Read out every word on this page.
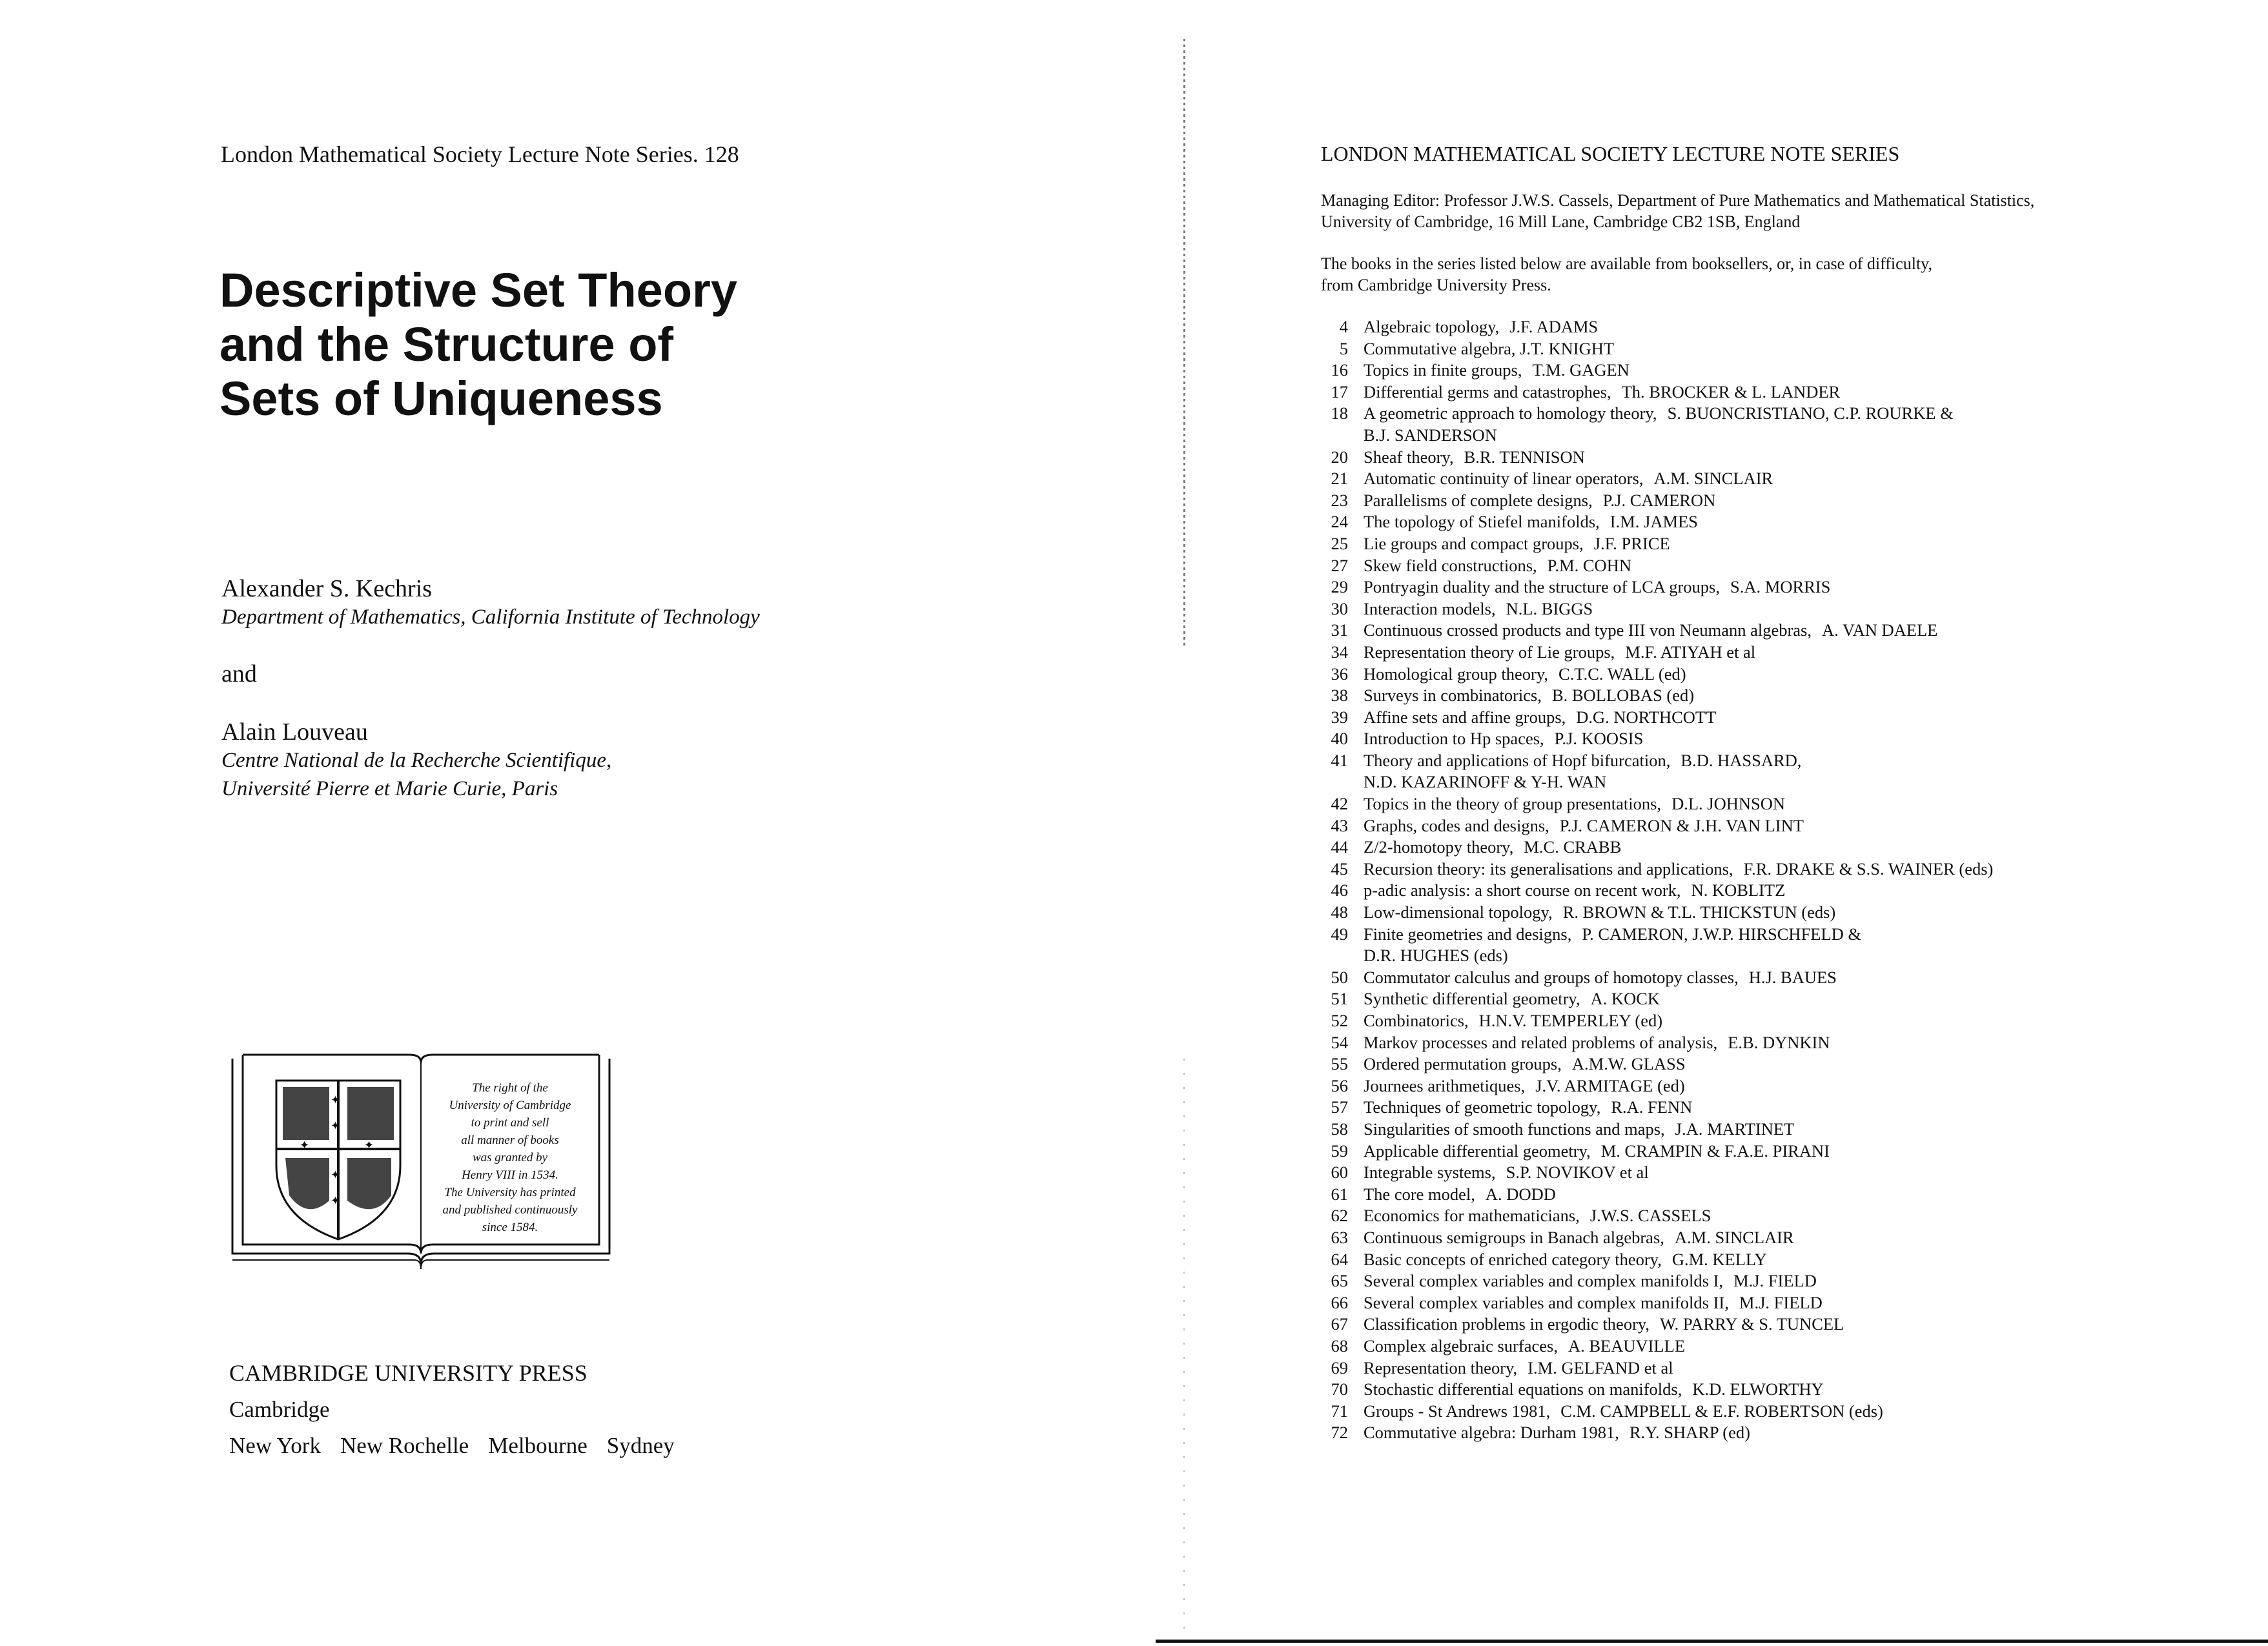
London Mathematical Society Lecture Note Series. 128
Descriptive Set Theory
and the Structure of
Sets of Uniqueness
Alexander S. Kechris
Department of Mathematics, California Institute of Technology
and
Alain Louveau
Centre National de la Recherche Scientifique,
Université Pierre et Marie Curie, Paris
✦
✦
✦	✦
✦
✦
The right of the
University of Cambridge
to print and sell
all manner of books
was granted by
Henry VIII in 1534.
The University has printed
and published continuously
since 1584.
CAMBRIDGE UNIVERSITY PRESS
Cambridge
New York New Rochelle Melbourne Sydney
LONDON MATHEMATICAL SOCIETY LECTURE NOTE SERIES
Managing Editor: Professor J.W.S. Cassels, Department of Pure Mathematics and Mathematical Statistics,
University of Cambridge, 16 Mill Lane, Cambridge CB2 1SB, England
The books in the series listed below are available from booksellers, or, in case of difficulty,
from Cambridge University Press.
4 Algebraic topology, J.F. ADAMS
5 Commutative algebra, J.T. KNIGHT
16 Topics in finite groups, T.M. GAGEN
17 Differential germs and catastrophes, Th. BROCKER & L. LANDER
18 A geometric approach to homology theory, S. BUONCRISTIANO, C.P. ROURKE &
B.J. SANDERSON
20 Sheaf theory, B.R. TENNISON
21 Automatic continuity of linear operators, A.M. SINCLAIR
23 Parallelisms of complete designs, P.J. CAMERON
24 The topology of Stiefel manifolds, I.M. JAMES
25 Lie groups and compact groups, J.F. PRICE
27 Skew field constructions, P.M. COHN
29 Pontryagin duality and the structure of LCA groups, S.A. MORRIS
30 Interaction models, N.L. BIGGS
31 Continuous crossed products and type III von Neumann algebras, A. VAN DAELE
34 Representation theory of Lie groups, M.F. ATIYAH et al
36 Homological group theory, C.T.C. WALL (ed)
38 Surveys in combinatorics, B. BOLLOBAS (ed)
39 Affine sets and affine groups, D.G. NORTHCOTT
40 Introduction to Hp spaces, P.J. KOOSIS
41 Theory and applications of Hopf bifurcation, B.D. HASSARD,
N.D. KAZARINOFF & Y-H. WAN
42 Topics in the theory of group presentations, D.L. JOHNSON
43 Graphs, codes and designs, P.J. CAMERON & J.H. VAN LINT
44 Z/2-homotopy theory, M.C. CRABB
45 Recursion theory: its generalisations and applications, F.R. DRAKE & S.S. WAINER (eds)
46 p-adic analysis: a short course on recent work, N. KOBLITZ
48 Low-dimensional topology, R. BROWN & T.L. THICKSTUN (eds)
49 Finite geometries and designs, P. CAMERON, J.W.P. HIRSCHFELD &
D.R. HUGHES (eds)
50 Commutator calculus and groups of homotopy classes, H.J. BAUES
51 Synthetic differential geometry, A. KOCK
52 Combinatorics, H.N.V. TEMPERLEY (ed)
54 Markov processes and related problems of analysis, E.B. DYNKIN
55 Ordered permutation groups, A.M.W. GLASS
56 Journees arithmetiques, J.V. ARMITAGE (ed)
57 Techniques of geometric topology, R.A. FENN
58 Singularities of smooth functions and maps, J.A. MARTINET
59 Applicable differential geometry, M. CRAMPIN & F.A.E. PIRANI
60 Integrable systems, S.P. NOVIKOV et al
61 The core model, A. DODD
62 Economics for mathematicians, J.W.S. CASSELS
63 Continuous semigroups in Banach algebras, A.M. SINCLAIR
64 Basic concepts of enriched category theory, G.M. KELLY
65 Several complex variables and complex manifolds I, M.J. FIELD
66 Several complex variables and complex manifolds II, M.J. FIELD
67 Classification problems in ergodic theory, W. PARRY & S. TUNCEL
68 Complex algebraic surfaces, A. BEAUVILLE
69 Representation theory, I.M. GELFAND et al
70 Stochastic differential equations on manifolds, K.D. ELWORTHY
71 Groups - St Andrews 1981, C.M. CAMPBELL & E.F. ROBERTSON (eds)
72 Commutative algebra: Durham 1981, R.Y. SHARP (ed)
